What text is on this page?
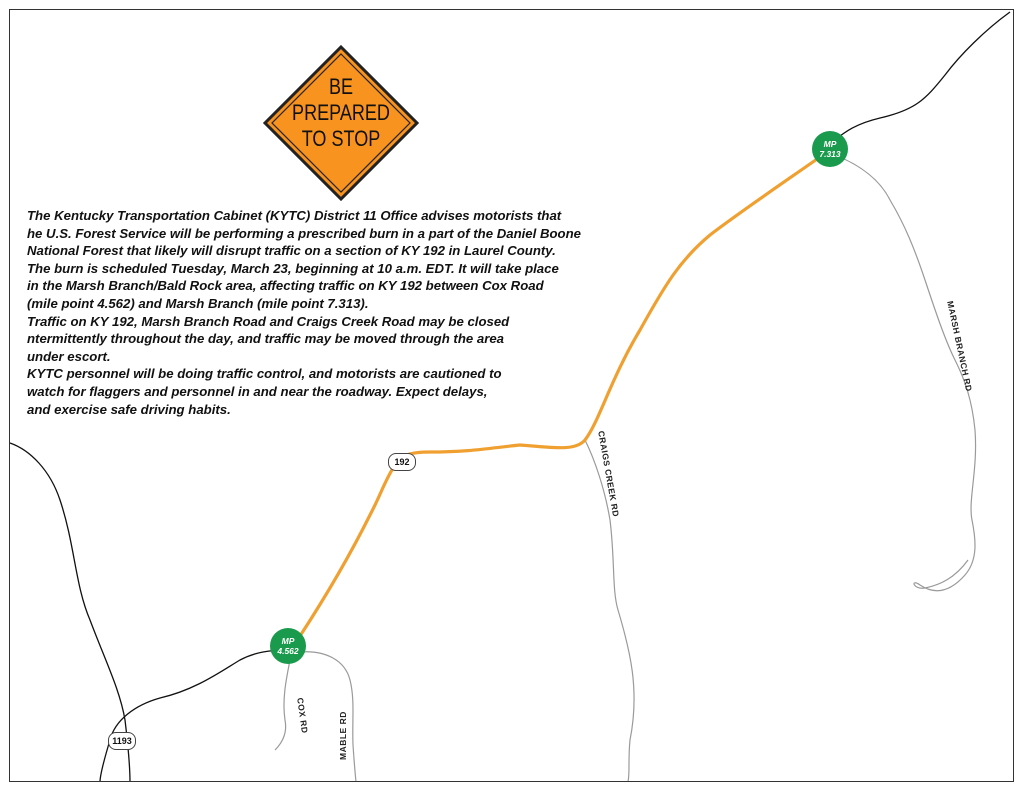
BE
PREPARED
TO STOP

The Kentucky Transportation Cabinet (KYTC) District 11 Office advises motorists that

he U.S. Forest Service will be performing a prescribed burn in a part of the Daniel Boone

National Forest that likely will disrupt traffic on a section of KY 192 in Laurel County.

The burn is scheduled Tuesday, March 23, beginning at 10 a.m. EDT. It will take place

in the Marsh Branch/Bald Rock area, affecting traffic on KY 192 between Cox Road

(mile point 4.562) and Marsh Branch (mile point 7.313).

Traffic on KY 192, Marsh Branch Road and Craigs Creek Road may be closed

ntermittently throughout the day, and traffic may be moved through the area

under escort.

KYTC personnel will be doing traffic control, and motorists are cautioned to

watch for flaggers and personnel in and near the roadway. Expect delays,

and exercise safe driving habits.

MP
7.313
MP
4.562
192
1193
CRAIGS CREEK RD
MARSH BRANCH RD
COX RD	MABLE RD
